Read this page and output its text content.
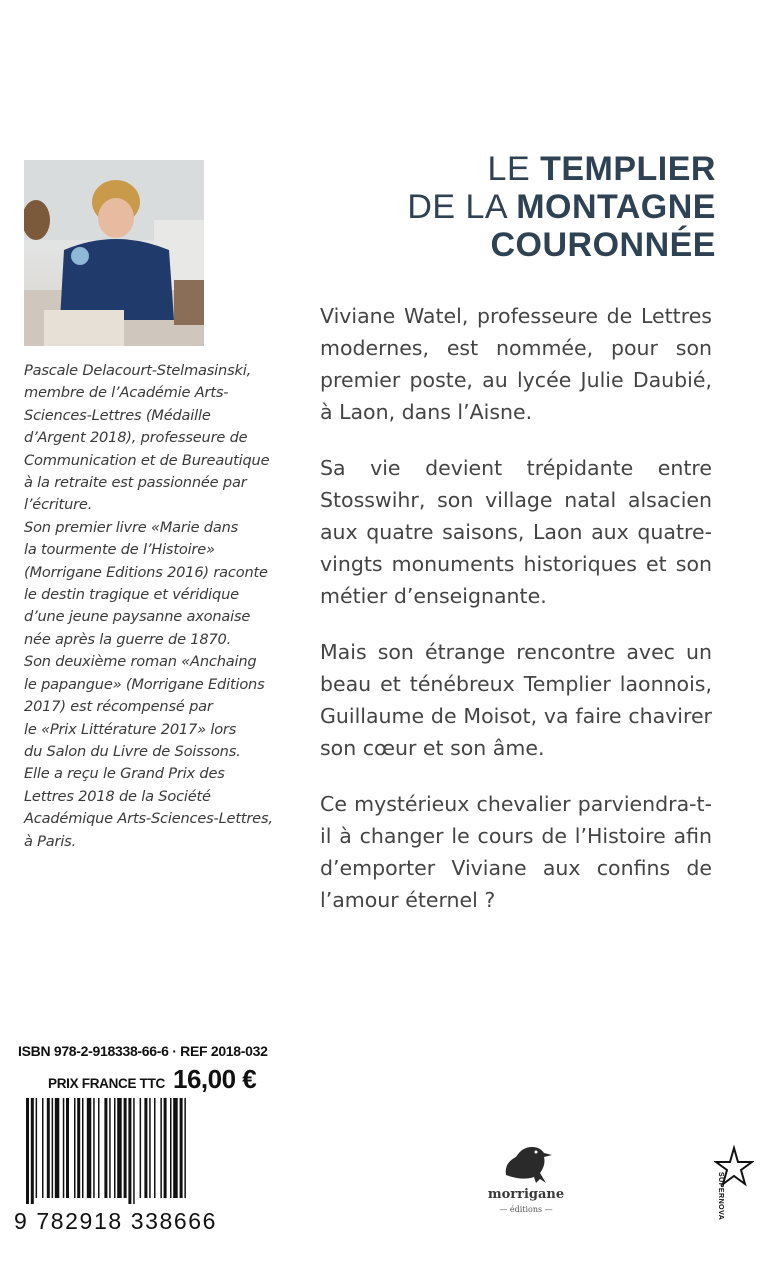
Pascale Delacourt-Stelmasinski,
membre de l’Académie Arts-
Sciences-Lettres (Médaille
d’Argent 2018), professeure de
Communication et de Bureautique
à la retraite est passionnée par
l’écriture.
Son premier livre «Marie dans
la tourmente de l’Histoire»
(Morrigane Editions 2016) raconte
le destin tragique et véridique
d’une jeune paysanne axonaise
née après la guerre de 1870.
Son deuxième roman «Anchaing
le papangue» (Morrigane Editions
2017) est récompensé par
le «Prix Littérature 2017» lors
du Salon du Livre de Soissons.
Elle a reçu le Grand Prix des
Lettres 2018 de la Société
Académique Arts-Sciences-Lettres,
à Paris.
LE TEMPLIER
DE LA MONTAGNE
COURONNÉE

Viviane Watel, professeure de Lettres modernes, est nommée, pour son premier poste, au lycée Julie Daubié, à Laon, dans l’Aisne.

Sa vie devient trépidante entre Stosswihr, son village natal alsacien aux quatre saisons, Laon aux quatre-vingts monuments historiques et son métier d’enseignante.

Mais son étrange rencontre avec un beau et ténébreux Templier laonnois, Guillaume de Moisot, va faire chavirer son cœur et son âme.

Ce mystérieux chevalier parviendra-t-il à changer le cours de l’Histoire afin d’emporter Viviane aux confins de l’amour éternel ?

ISBN 978-2-918338-66-6 · REF 2018-032
PRIX FRANCE TTC 16,00 €
9 782918 338666
morrigane
— éditions —	SUPERNOVA
